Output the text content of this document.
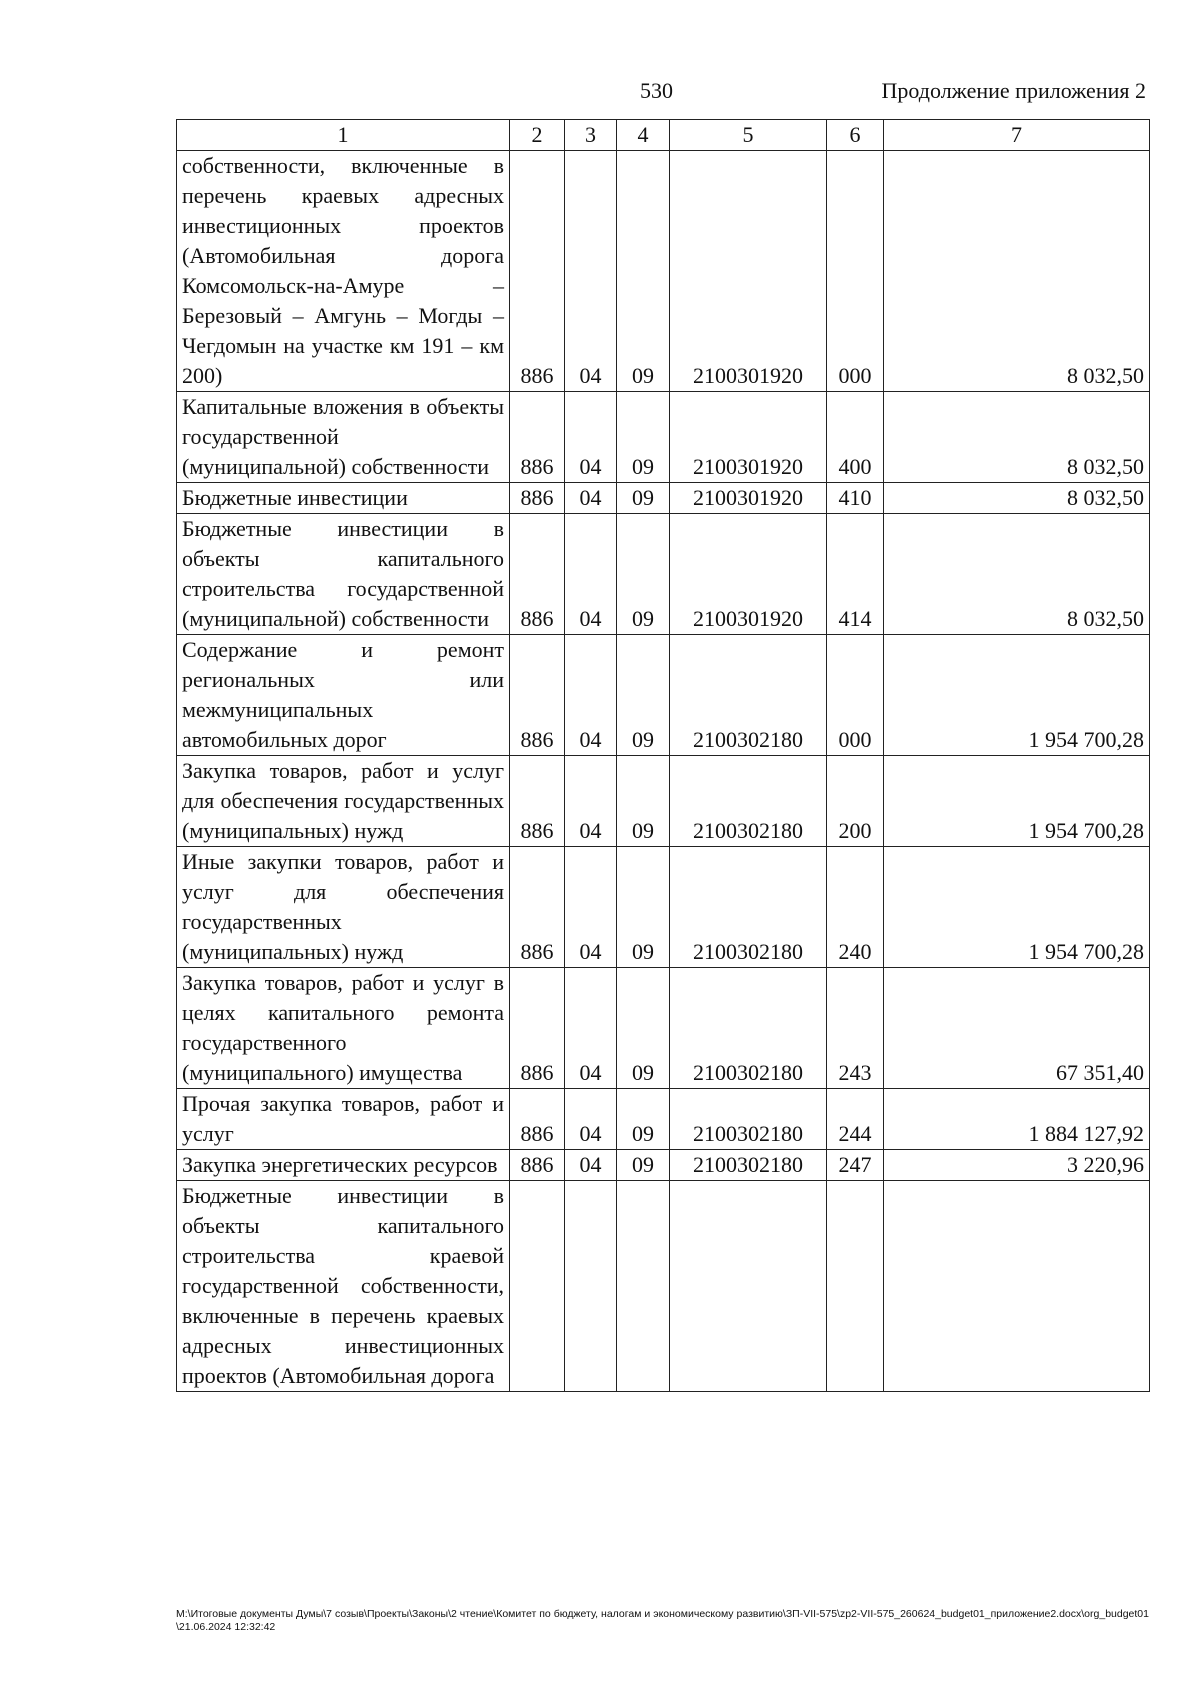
530	Продолжение приложения 2
1	2	3	4	5	6	7
собственности, включенные в перечень краевых адресных инвестиционных проектов (Автомобильная дорога Комсомольск-на-Амуре – Березовый – Амгунь – Могды – Чегдомын на участке км 191 – км 200)	886	04	09	2100301920	000	8 032,50
Капитальные вложения в объекты государственной (муниципальной) собственности	886	04	09	2100301920	400	8 032,50
Бюджетные инвестиции	886	04	09	2100301920	410	8 032,50
Бюджетные инвестиции в объекты капитального строительства государственной (муниципальной) собственности	886	04	09	2100301920	414	8 032,50
Содержание и ремонт региональных или межмуниципальных автомобильных дорог	886	04	09	2100302180	000	1 954 700,28
Закупка товаров, работ и услуг для обеспечения государственных (муниципальных) нужд	886	04	09	2100302180	200	1 954 700,28
Иные закупки товаров, работ и услуг для обеспечения государственных (муниципальных) нужд	886	04	09	2100302180	240	1 954 700,28
Закупка товаров, работ и услуг в целях капитального ремонта государственного (муниципального) имущества	886	04	09	2100302180	243	67 351,40
Прочая закупка товаров, работ и услуг	886	04	09	2100302180	244	1 884 127,92
Закупка энергетических ресурсов	886	04	09	2100302180	247	3 220,96
Бюджетные инвестиции в объекты капитального строительства краевой государственной собственности, включенные в перечень краевых адресных инвестиционных проектов (Автомобильная дорога						
M:\Итоговые документы Думы\7 созыв\Проекты\Законы\2 чтение\Комитет по бюджету, налогам и экономическому развитию\ЗП-VII-575\zp2-VII-575_260624_budget01_приложение2.docx\org_budget01\21.06.2024 12:32:42
